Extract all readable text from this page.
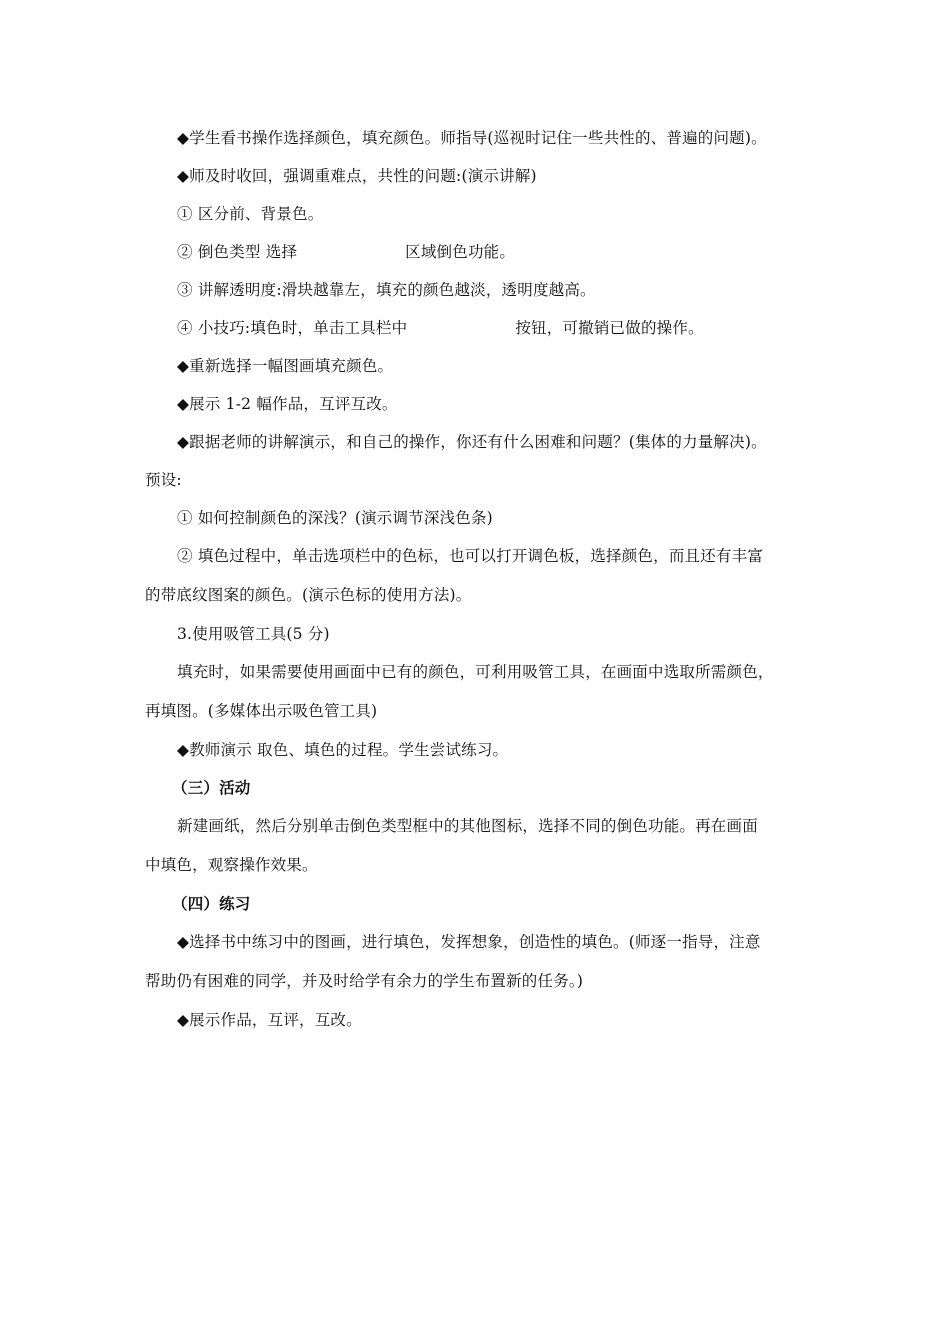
◆学生看书操作选择颜色，填充颜色。师指导(巡视时记住一些共性的、普遍的问题)。
◆师及时收回，强调重难点，共性的问题:(演示讲解)
① 区分前、背景色。
② 倒色类型 选择	区域倒色功能。
③ 讲解透明度:滑块越靠左，填充的颜色越淡，透明度越高。
④ 小技巧:填色时，单击工具栏中	按钮，可撤销已做的操作。
◆重新选择一幅图画填充颜色。
◆展示 1-2 幅作品，互评互改。
◆跟据老师的讲解演示，和自己的操作，你还有什么困难和问题？(集体的力量解决)。
预设:
① 如何控制颜色的深浅？(演示调节深浅色条)
② 填色过程中，单击选项栏中的色标，也可以打开调色板，选择颜色，而且还有丰富
的带底纹图案的颜色。(演示色标的使用方法)。
3.使用吸管工具(5 分)
填充时，如果需要使用画面中已有的颜色，可利用吸管工具，在画面中选取所需颜色，
再填图。(多媒体出示吸色管工具)
◆教师演示 取色、填色的过程。学生尝试练习。
（三）活动
新建画纸，然后分别单击倒色类型框中的其他图标，选择不同的倒色功能。再在画面
中填色，观察操作效果。
（四）练习
◆选择书中练习中的图画，进行填色，发挥想象，创造性的填色。(师逐一指导，注意
帮助仍有困难的同学，并及时给学有余力的学生布置新的任务。)
◆展示作品，互评，互改。
